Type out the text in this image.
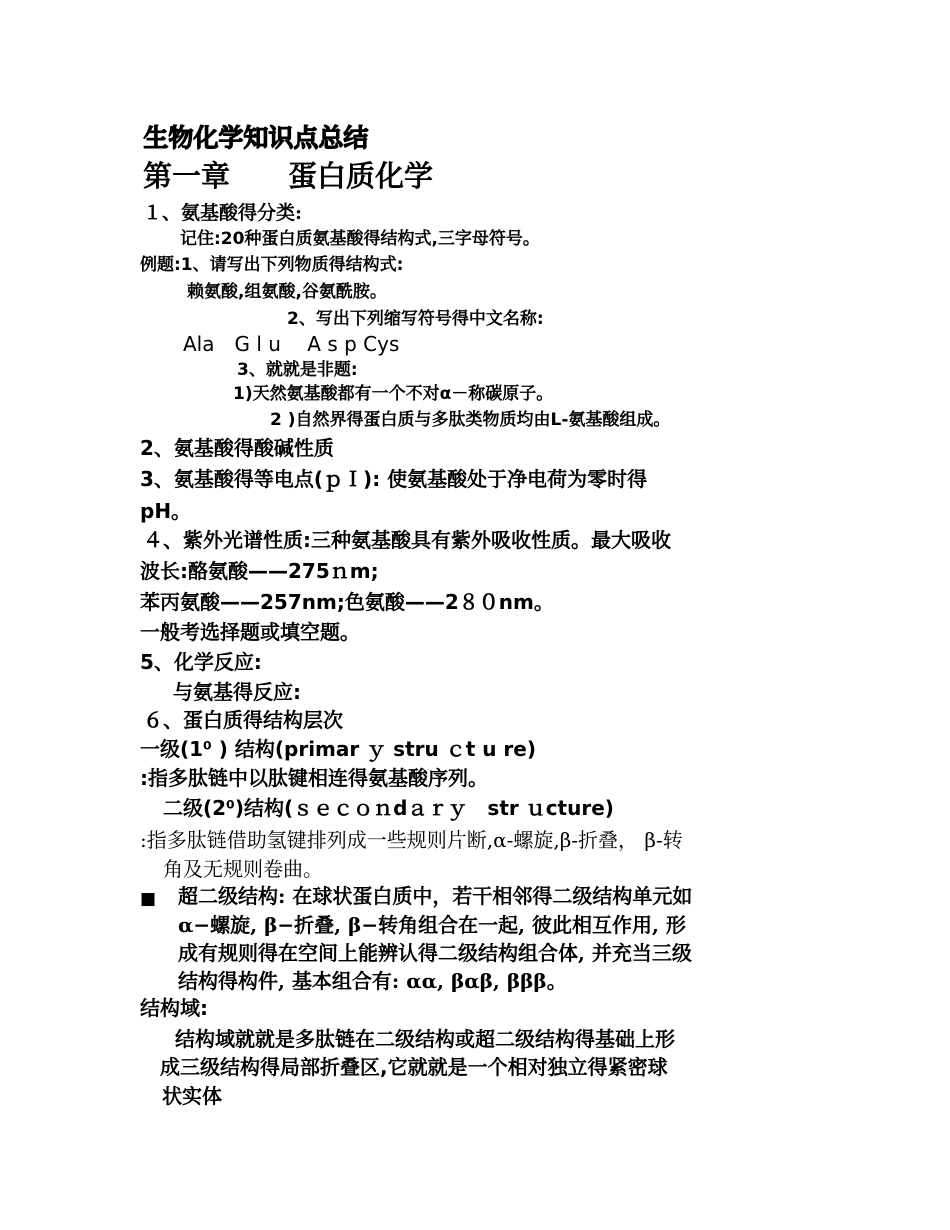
生物化学知识点总结
第一章　　蛋白质化学
１、氨基酸得分类:
记住:20种蛋白质氨基酸得结构式,三字母符号。
例题:1、请写出下列物质得结构式:
赖氨酸,组氨酸,谷氨酰胺。
2、写出下列缩写符号得中文名称:
Ala　G l u　 A s p Cys
3、就就是非题:
1)天然氨基酸都有一个不对α－称碳原子。
2 )自然界得蛋白质与多肽类物质均由L-氨基酸组成。
2、氨基酸得酸碱性质
3、氨基酸得等电点(ｐＩ): 使氨基酸处于净电荷为零时得
pH。
４、紫外光谱性质:三种氨基酸具有紫外吸收性质。最大吸收
波长:酪氨酸——275ｎm;
苯丙氨酸——257nm;色氨酸——2８０nm。
一般考选择题或填空题。
5、化学反应:
与氨基得反应:
６、蛋白质得结构层次
一级(1⁰ ) 结构(primar ｙ stru ｃt u re)
:指多肽链中以肽键相连得氨基酸序列。
二级(2⁰)结构(ｓｅｃｏｎdａｒｙ　str ｕcture)
:指多肽链借助氢键排列成一些规则片断,α-螺旋,β-折叠， β-转
角及无规则卷曲。
■ 超二级结构: 在球状蛋白质中，若干相邻得二级结构单元如
α−螺旋, β−折叠, β−转角组合在一起, 彼此相互作用, 形
成有规则得在空间上能辨认得二级结构组合体, 并充当三级
结构得构件, 基本组合有: αα, βαβ, βββ。
结构域:
结构域就就是多肽链在二级结构或超二级结构得基础上形
成三级结构得局部折叠区,它就就是一个相对独立得紧密球
状实体
